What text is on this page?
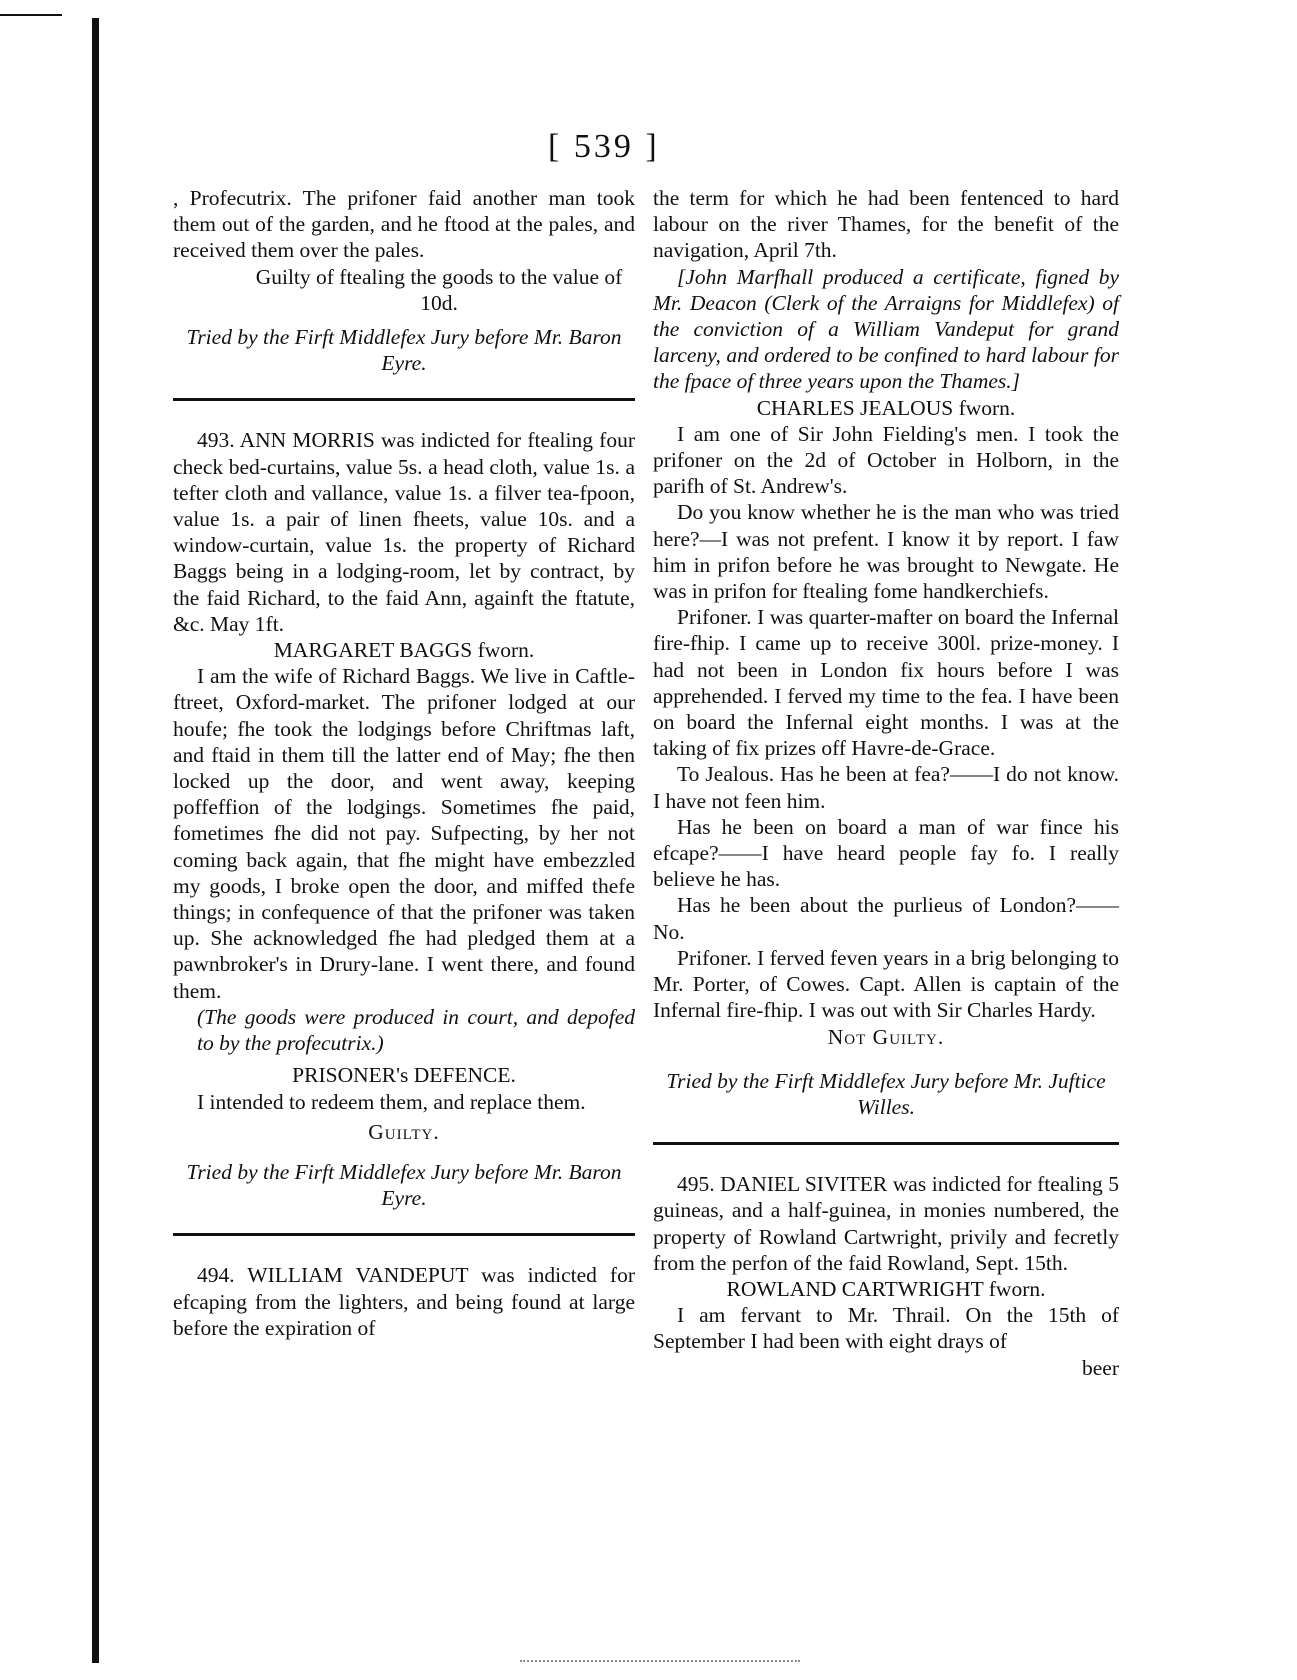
[ 539 ]

, Profecutrix. The prifoner faid another man took them out of the garden, and he ftood at the pales, and received them over the pales.

Guilty of ftealing the goods to the value of 10d.

Tried by the Firft Middlefex Jury before Mr. Baron Eyre.

493. ANN MORRIS was indicted for ftealing four check bed-curtains, value 5s. a head cloth, value 1s. a tefter cloth and vallance, value 1s. a filver tea-fpoon, value 1s. a pair of linen fheets, value 10s. and a window-curtain, value 1s. the property of Richard Baggs being in a lodging-room, let by contract, by the faid Richard, to the faid Ann, againft the ftatute, &c. May 1ft.

MARGARET BAGGS fworn.

I am the wife of Richard Baggs. We live in Caftle-ftreet, Oxford-market. The prifoner lodged at our houfe; fhe took the lodgings before Chriftmas laft, and ftaid in them till the latter end of May; fhe then locked up the door, and went away, keeping poffeffion of the lodgings. Sometimes fhe paid, fometimes fhe did not pay. Sufpecting, by her not coming back again, that fhe might have embezzled my goods, I broke open the door, and miffed thefe things; in confequence of that the prifoner was taken up. She acknowledged fhe had pledged them at a pawnbroker's in Drury-lane. I went there, and found them.

(The goods were produced in court, and depofed to by the profecutrix.)

PRISONER's DEFENCE.

I intended to redeem them, and replace them.

Guilty.

Tried by the Firft Middlefex Jury before Mr. Baron Eyre.

494. WILLIAM VANDEPUT was indicted for efcaping from the lighters, and being found at large before the expiration of

the term for which he had been fentenced to hard labour on the river Thames, for the benefit of the navigation, April 7th.

[John Marfhall produced a certificate, figned by Mr. Deacon (Clerk of the Arraigns for Middlefex) of the conviction of a William Vandeput for grand larceny, and ordered to be confined to hard labour for the fpace of three years upon the Thames.]

CHARLES JEALOUS fworn.

I am one of Sir John Fielding's men. I took the prifoner on the 2d of October in Holborn, in the parifh of St. Andrew's.

Do you know whether he is the man who was tried here?—I was not prefent. I know it by report. I faw him in prifon before he was brought to Newgate. He was in prifon for ftealing fome handkerchiefs.

Prifoner. I was quarter-mafter on board the Infernal fire-fhip. I came up to receive 300l. prize-money. I had not been in London fix hours before I was apprehended. I ferved my time to the fea. I have been on board the Infernal eight months. I was at the taking of fix prizes off Havre-de-Grace.

To Jealous. Has he been at fea?——I do not know. I have not feen him.

Has he been on board a man of war fince his efcape?——I have heard people fay fo. I really believe he has.

Has he been about the purlieus of London?——No.

Prifoner. I ferved feven years in a brig belonging to Mr. Porter, of Cowes. Capt. Allen is captain of the Infernal fire-fhip. I was out with Sir Charles Hardy.

Not Guilty.

Tried by the Firft Middlefex Jury before Mr. Juftice Willes.

495. DANIEL SIVITER was indicted for ftealing 5 guineas, and a half-guinea, in monies numbered, the property of Rowland Cartwright, privily and fecretly from the perfon of the faid Rowland, Sept. 15th.

ROWLAND CARTWRIGHT fworn.

I am fervant to Mr. Thrail. On the 15th of September I had been with eight drays of

beer
